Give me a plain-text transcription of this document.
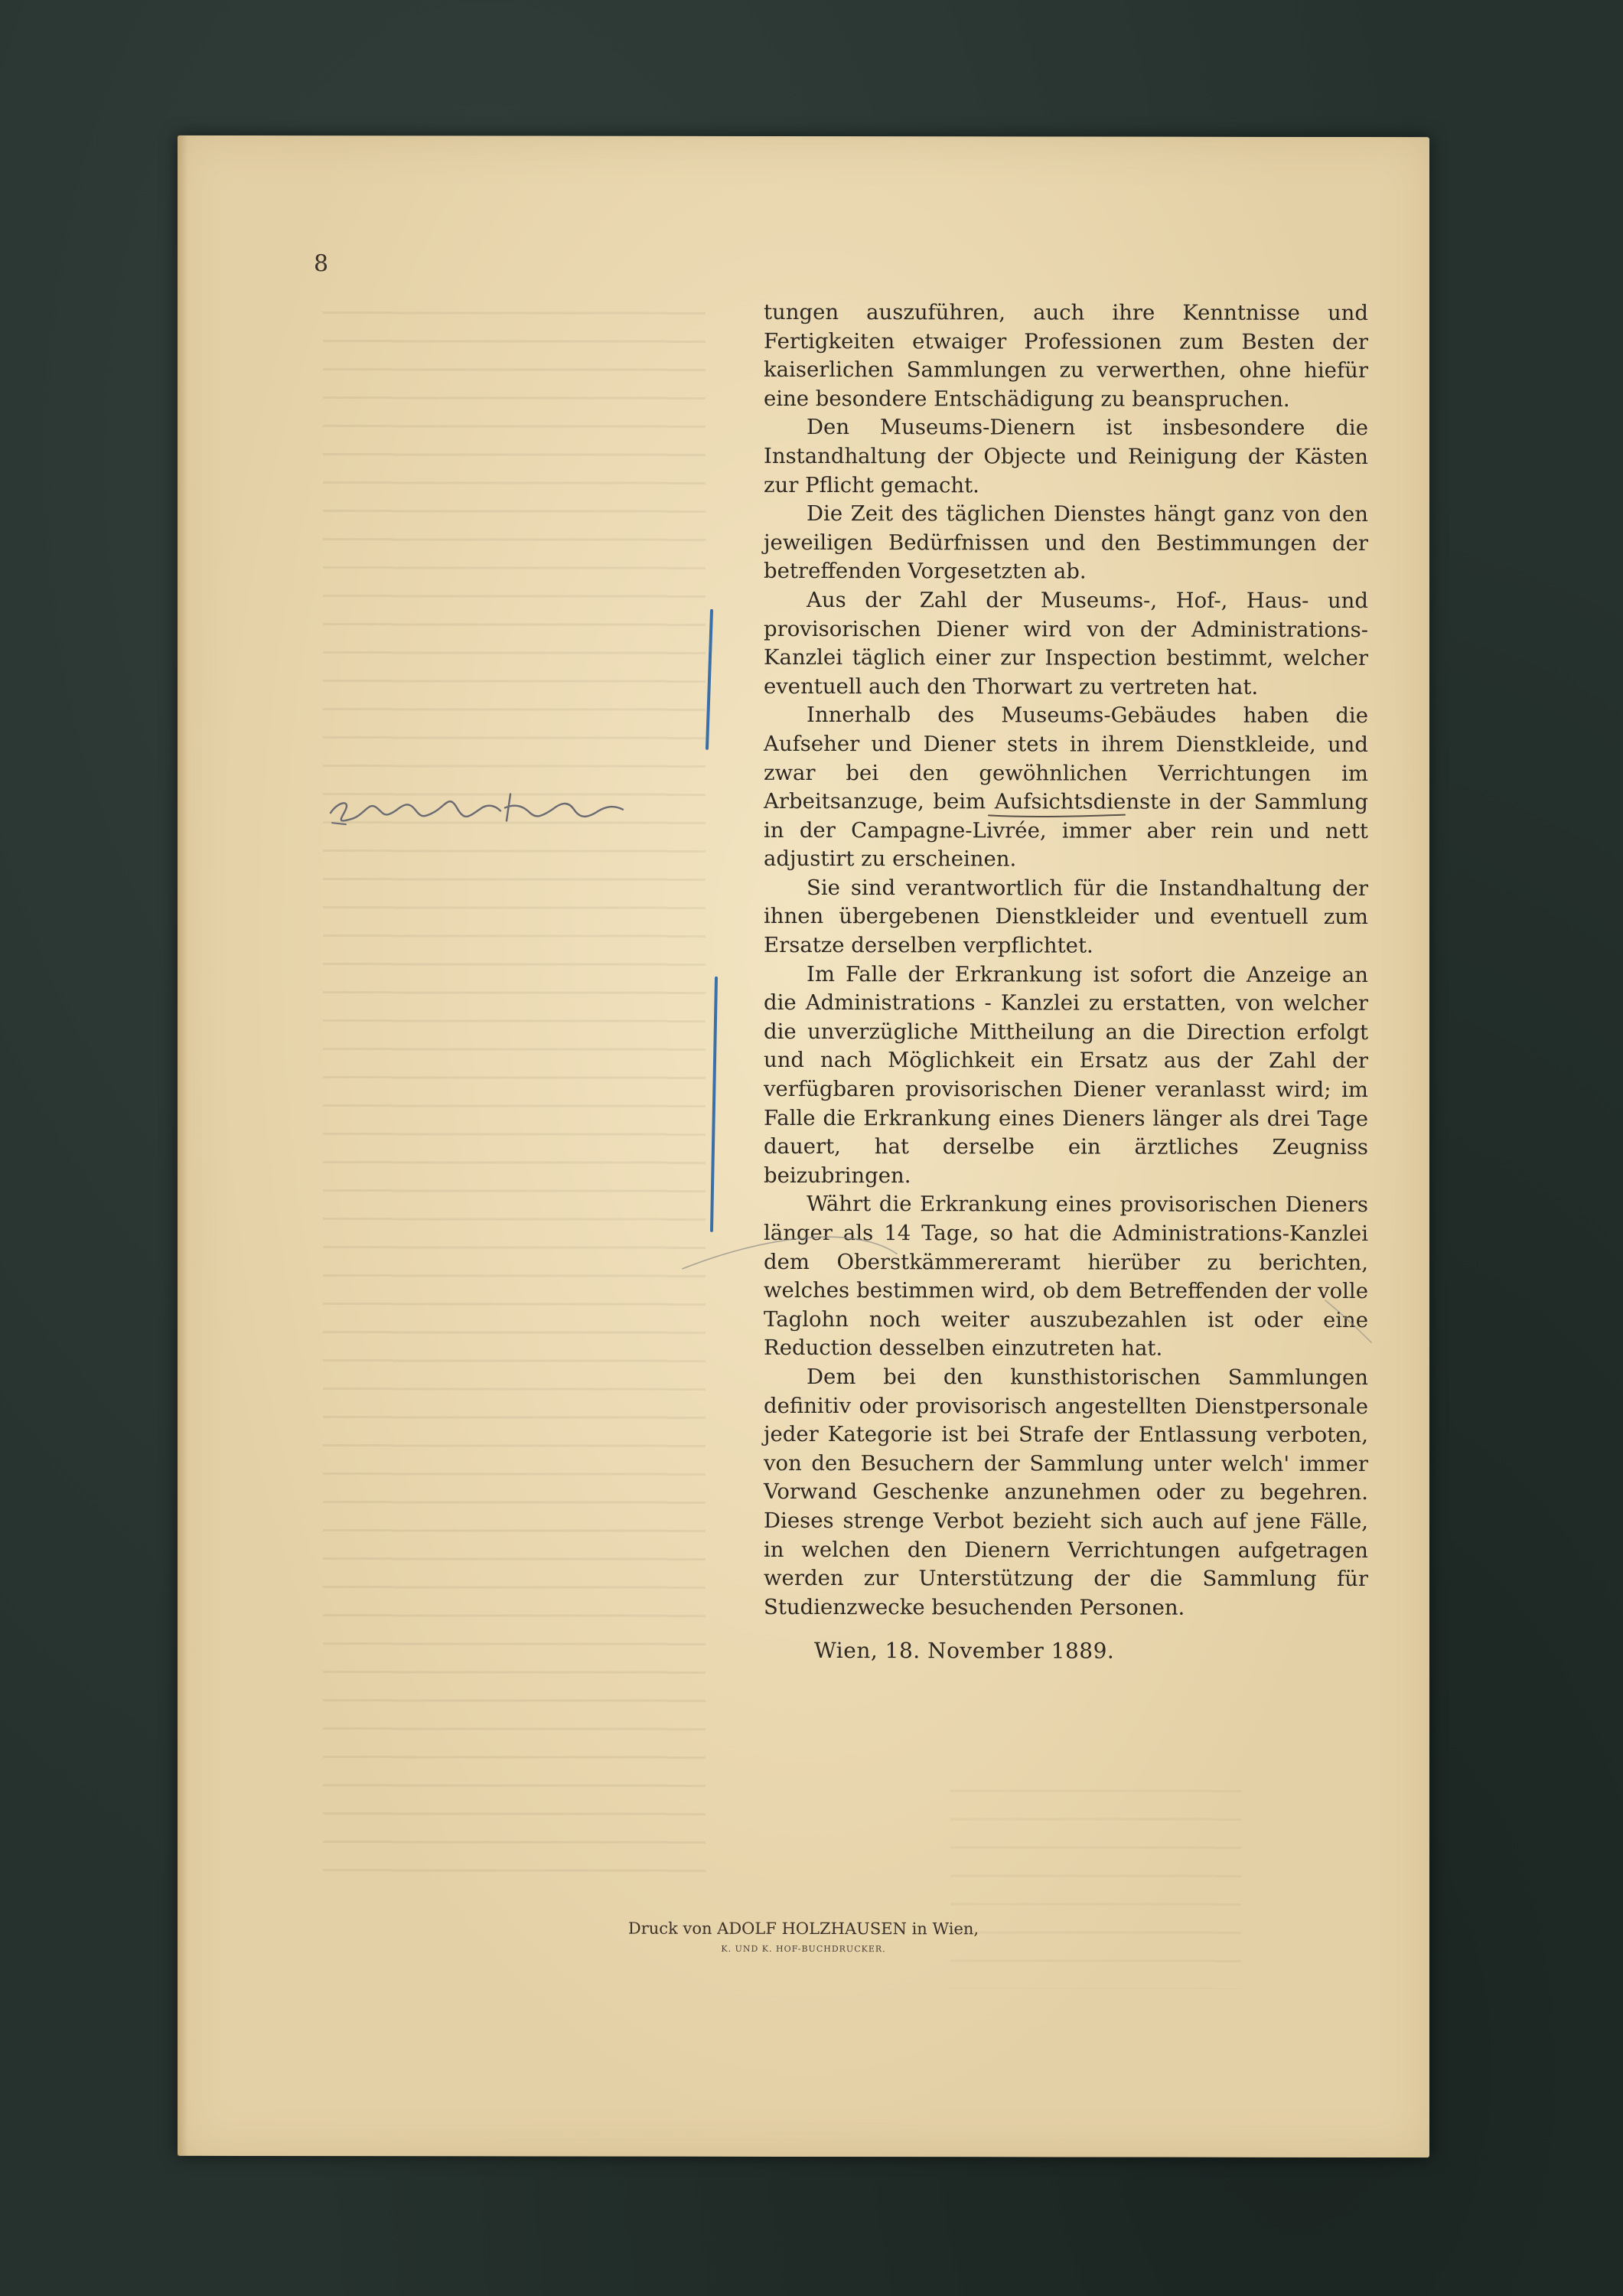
8

tungen auszuführen, auch ihre Kenntnisse und Fertigkeiten etwaiger Professionen zum Besten der kaiserlichen Sammlungen zu verwerthen, ohne hiefür eine besondere Entschädigung zu beanspruchen.

Den Museums-Dienern ist insbesondere die Instandhaltung der Objecte und Reinigung der Kästen zur Pflicht gemacht.

Die Zeit des täglichen Dienstes hängt ganz von den jeweiligen Bedürfnissen und den Bestimmungen der betreffenden Vorgesetzten ab.

Aus der Zahl der Museums-, Hof-, Haus- und provisorischen Diener wird von der Administrations-Kanzlei täglich einer zur Inspection bestimmt, welcher eventuell auch den Thorwart zu vertreten hat.

Innerhalb des Museums-Gebäudes haben die Aufseher und Diener stets in ihrem Dienstkleide, und zwar bei den gewöhnlichen Verrichtungen im Arbeitsanzuge, beim Aufsichtsdienste in der Sammlung in der Campagne-Livrée, immer aber rein und nett adjustirt zu erscheinen.

Sie sind verantwortlich für die Instandhaltung der ihnen übergebenen Dienstkleider und eventuell zum Ersatze derselben verpflichtet.

Im Falle der Erkrankung ist sofort die Anzeige an die Administrations - Kanzlei zu erstatten, von welcher die unverzügliche Mittheilung an die Direction erfolgt und nach Möglichkeit ein Ersatz aus der Zahl der verfügbaren provisorischen Diener veranlasst wird; im Falle die Erkrankung eines Dieners länger als drei Tage dauert, hat derselbe ein ärztliches Zeugniss beizubringen.

Währt die Erkrankung eines provisorischen Dieners länger als 14 Tage, so hat die Administrations-Kanzlei dem Oberstkämmereramt hierüber zu berichten, welches bestimmen wird, ob dem Betreffenden der volle Taglohn noch weiter auszubezahlen ist oder eine Reduction desselben einzutreten hat.

Dem bei den kunsthistorischen Sammlungen definitiv oder provisorisch angestellten Dienstpersonale jeder Kategorie ist bei Strafe der Entlassung verboten, von den Besuchern der Sammlung unter welch' immer Vorwand Geschenke anzunehmen oder zu begehren. Dieses strenge Verbot bezieht sich auch auf jene Fälle, in welchen den Dienern Verrichtungen aufgetragen werden zur Unterstützung der die Sammlung für Studienzwecke besuchenden Personen.

Wien, 18. November 1889.
Druck von ADOLF HOLZHAUSEN in Wien,
K. UND K. HOF-BUCHDRUCKER.
